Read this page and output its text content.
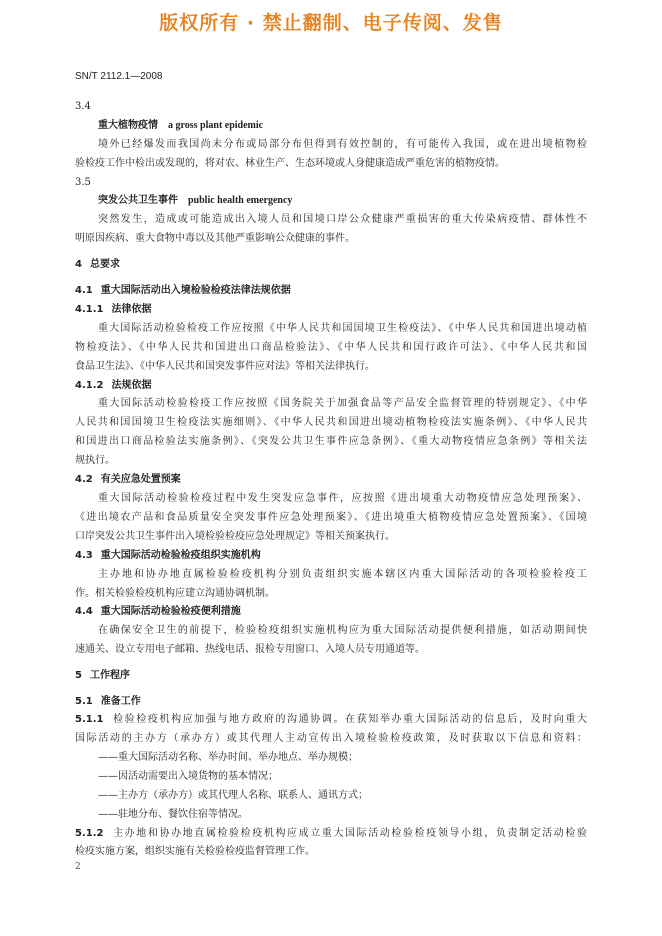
版权所有 · 禁止翻制、电子传阅、发售
SN/T 2112.1—2008
3.4
重大植物疫情 a gross plant epidemic
境外已经爆发而我国尚未分布或局部分布但得到有效控制的，有可能传入我国，或在进出境植物检
验检疫工作中检出或发现的，将对农、林业生产、生态环境或人身健康造成严重危害的植物疫情。
3.5
突发公共卫生事件 public health emergency
突然发生，造成或可能造成出入境人员和国境口岸公众健康严重损害的重大传染病疫情、群体性不
明原因疾病、重大食物中毒以及其他严重影响公众健康的事件。
4 总要求
4.1 重大国际活动出入境检验检疫法律法规依据
4.1.1 法律依据
重大国际活动检验检疫工作应按照《中华人民共和国国境卫生检疫法》、《中华人民共和国进出境动植
物检疫法》、《中华人民共和国进出口商品检验法》、《中华人民共和国行政许可法》、《中华人民共和国
食品卫生法》、《中华人民共和国突发事件应对法》等相关法律执行。
4.1.2 法规依据
重大国际活动检验检疫工作应按照《国务院关于加强食品等产品安全监督管理的特别规定》、《中华
人民共和国国境卫生检疫法实施细则》、《中华人民共和国进出境动植物检疫法实施条例》、《中华人民共
和国进出口商品检验法实施条例》、《突发公共卫生事件应急条例》、《重大动物疫情应急条例》等相关法
规执行。
4.2 有关应急处置预案
重大国际活动检验检疫过程中发生突发应急事件，应按照《进出境重大动物疫情应急处理预案》、
《进出境农产品和食品质量安全突发事件应急处理预案》、《进出境重大植物疫情应急处置预案》、《国境
口岸突发公共卫生事件出入境检验检疫应急处理规定》等相关预案执行。
4.3 重大国际活动检验检疫组织实施机构
主办地和协办地直属检验检疫机构分别负责组织实施本辖区内重大国际活动的各项检验检疫工
作。相关检验检疫机构应建立沟通协调机制。
4.4 重大国际活动检验检疫便利措施
在确保安全卫生的前提下，检验检疫组织实施机构应为重大国际活动提供便利措施，如活动期间快
速通关、设立专用电子邮箱、热线电话、报检专用窗口、入境人员专用通道等。
5 工作程序
5.1 准备工作
5.1.1 检验检疫机构应加强与地方政府的沟通协调。在获知举办重大国际活动的信息后，及时向重大
国际活动的主办方（承办方）或其代理人主动宣传出入境检验检疫政策，及时获取以下信息和资料：
——重大国际活动名称、举办时间、举办地点、举办规模；
——因活动需要出入境货物的基本情况；
——主办方（承办方）或其代理人名称、联系人、通讯方式；
——驻地分布、餐饮住宿等情况。
5.1.2 主办地和协办地直属检验检疫机构应成立重大国际活动检验检疫领导小组，负责制定活动检验
检疫实施方案，组织实施有关检验检疫监督管理工作。
2
